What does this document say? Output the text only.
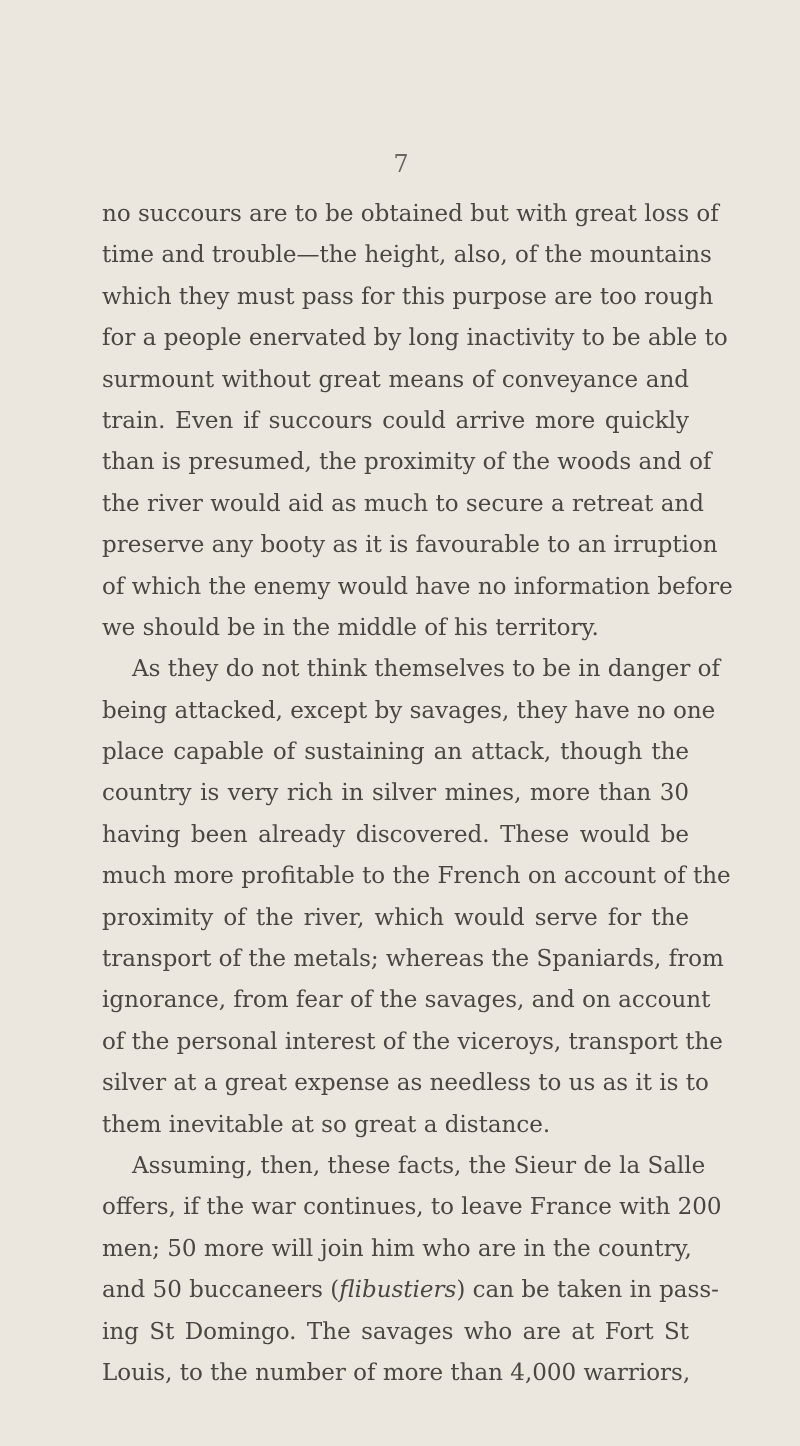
7
no succours are to be obtained but with great loss of
time and trouble—the height, also, of the mountains
which they must pass for this purpose are too rough
for a people enervated by long inactivity to be able to
surmount without great means of conveyance and
train. Even if succours could arrive more quickly
than is presumed, the proximity of the woods and of
the river would aid as much to secure a retreat and
preserve any booty as it is favourable to an irruption
of which the enemy would have no information before
we should be in the middle of his territory.
As they do not think themselves to be in danger of
being attacked, except by savages, they have no one
place capable of sustaining an attack, though the
country is very rich in silver mines, more than 30
having been already discovered. These would be
much more profitable to the French on account of the
proximity of the river, which would serve for the
transport of the metals; whereas the Spaniards, from
ignorance, from fear of the savages, and on account
of the personal interest of the viceroys, transport the
silver at a great expense as needless to us as it is to
them inevitable at so great a distance.
Assuming, then, these facts, the Sieur de la Salle
offers, if the war continues, to leave France with 200
men; 50 more will join him who are in the country,
and 50 buccaneers (flibustiers) can be taken in pass-
ing St Domingo. The savages who are at Fort St
Louis, to the number of more than 4,000 warriors,
